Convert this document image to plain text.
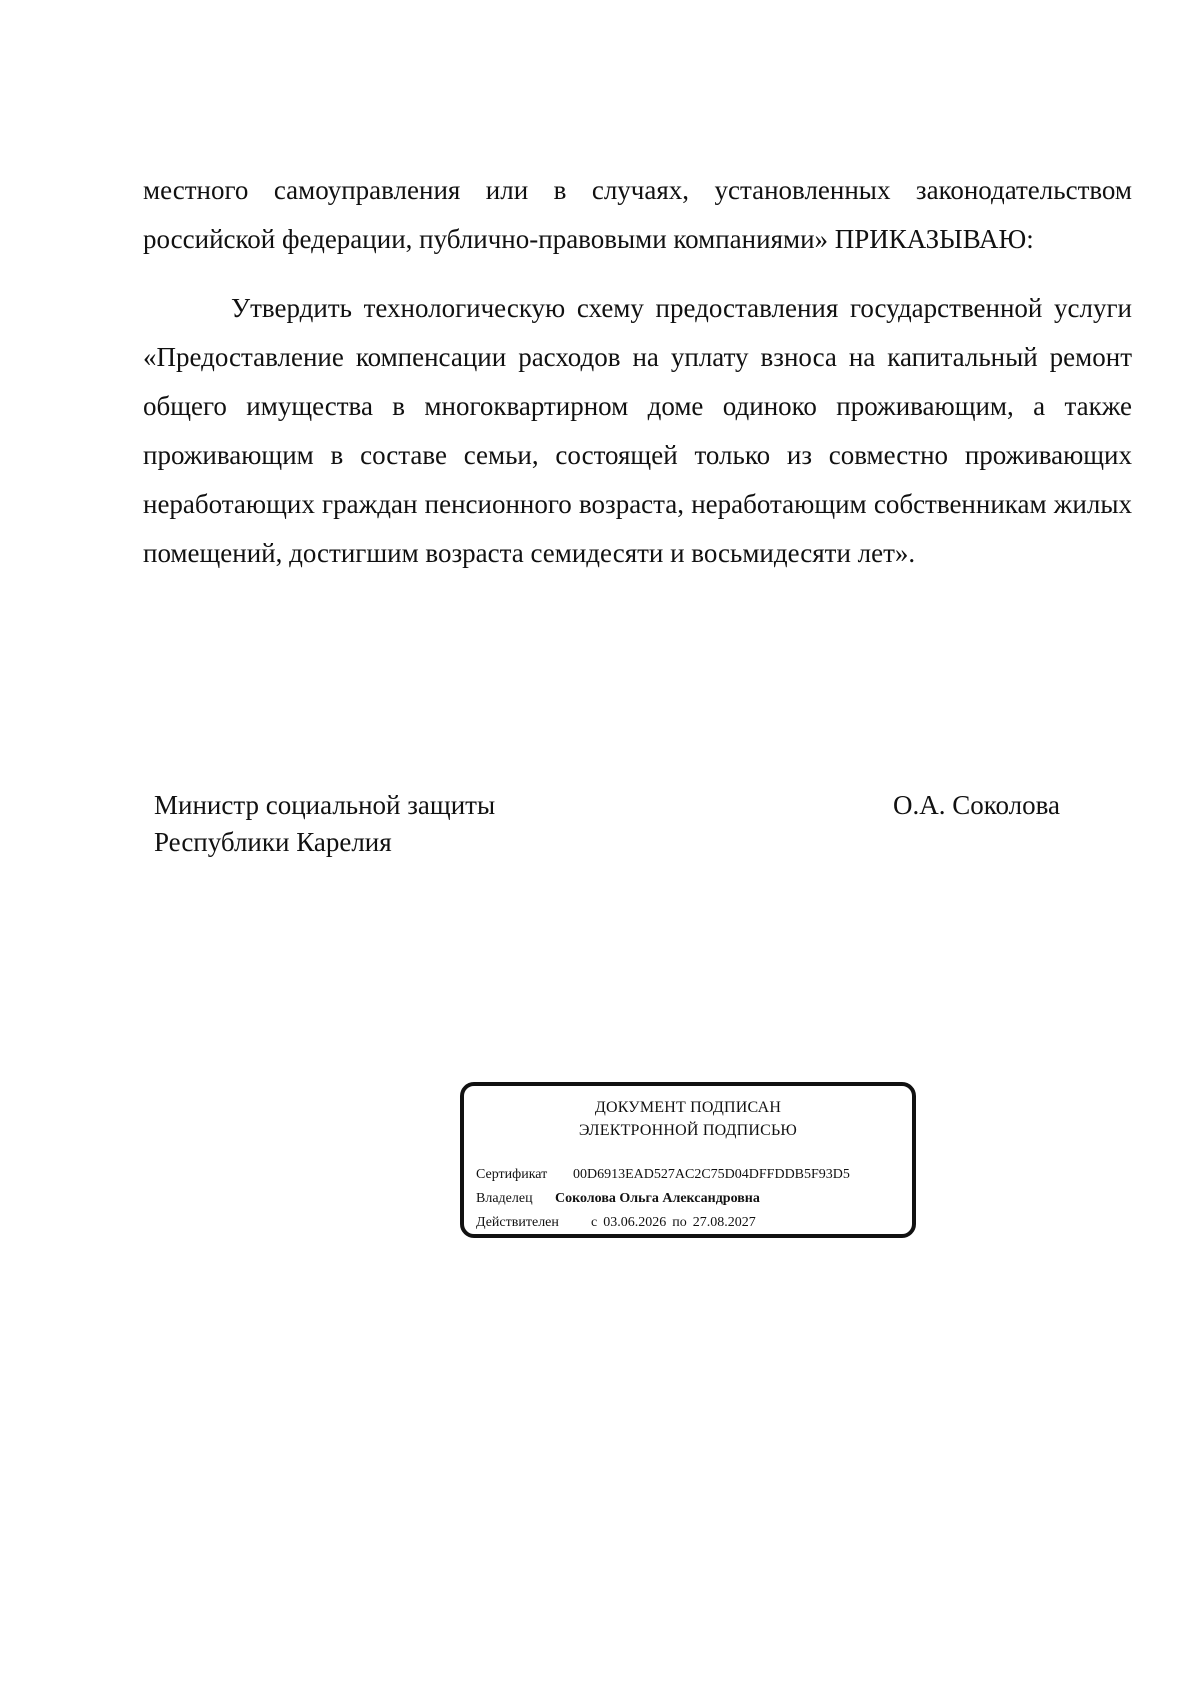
местного самоуправления или в случаях, установленных законодательством российской федерации, публично-правовыми компаниями» ПРИКАЗЫВАЮ:

Утвердить технологическую схему предоставления государственной услуги «Предоставление компенсации расходов на уплату взноса на капитальный ремонт общего имущества в многоквартирном доме одиноко проживающим, а также проживающим в составе семьи, состоящей только из совместно проживающих неработающих граждан пенсионного возраста, неработающим собственникам жилых помещений, достигшим возраста семидесяти и восьмидесяти лет».

Министр социальной защиты
Республики Карелия
О.А. Соколова
ДОКУМЕНТ ПОДПИСАН
ЭЛЕКТРОННОЙ ПОДПИСЬЮ
Сертификат 00D6913EAD527AC2C75D04DFFDDB5F93D5
Владелец Соколова Ольга Александровна
Действителен с 03.06.2026 по 27.08.2027
